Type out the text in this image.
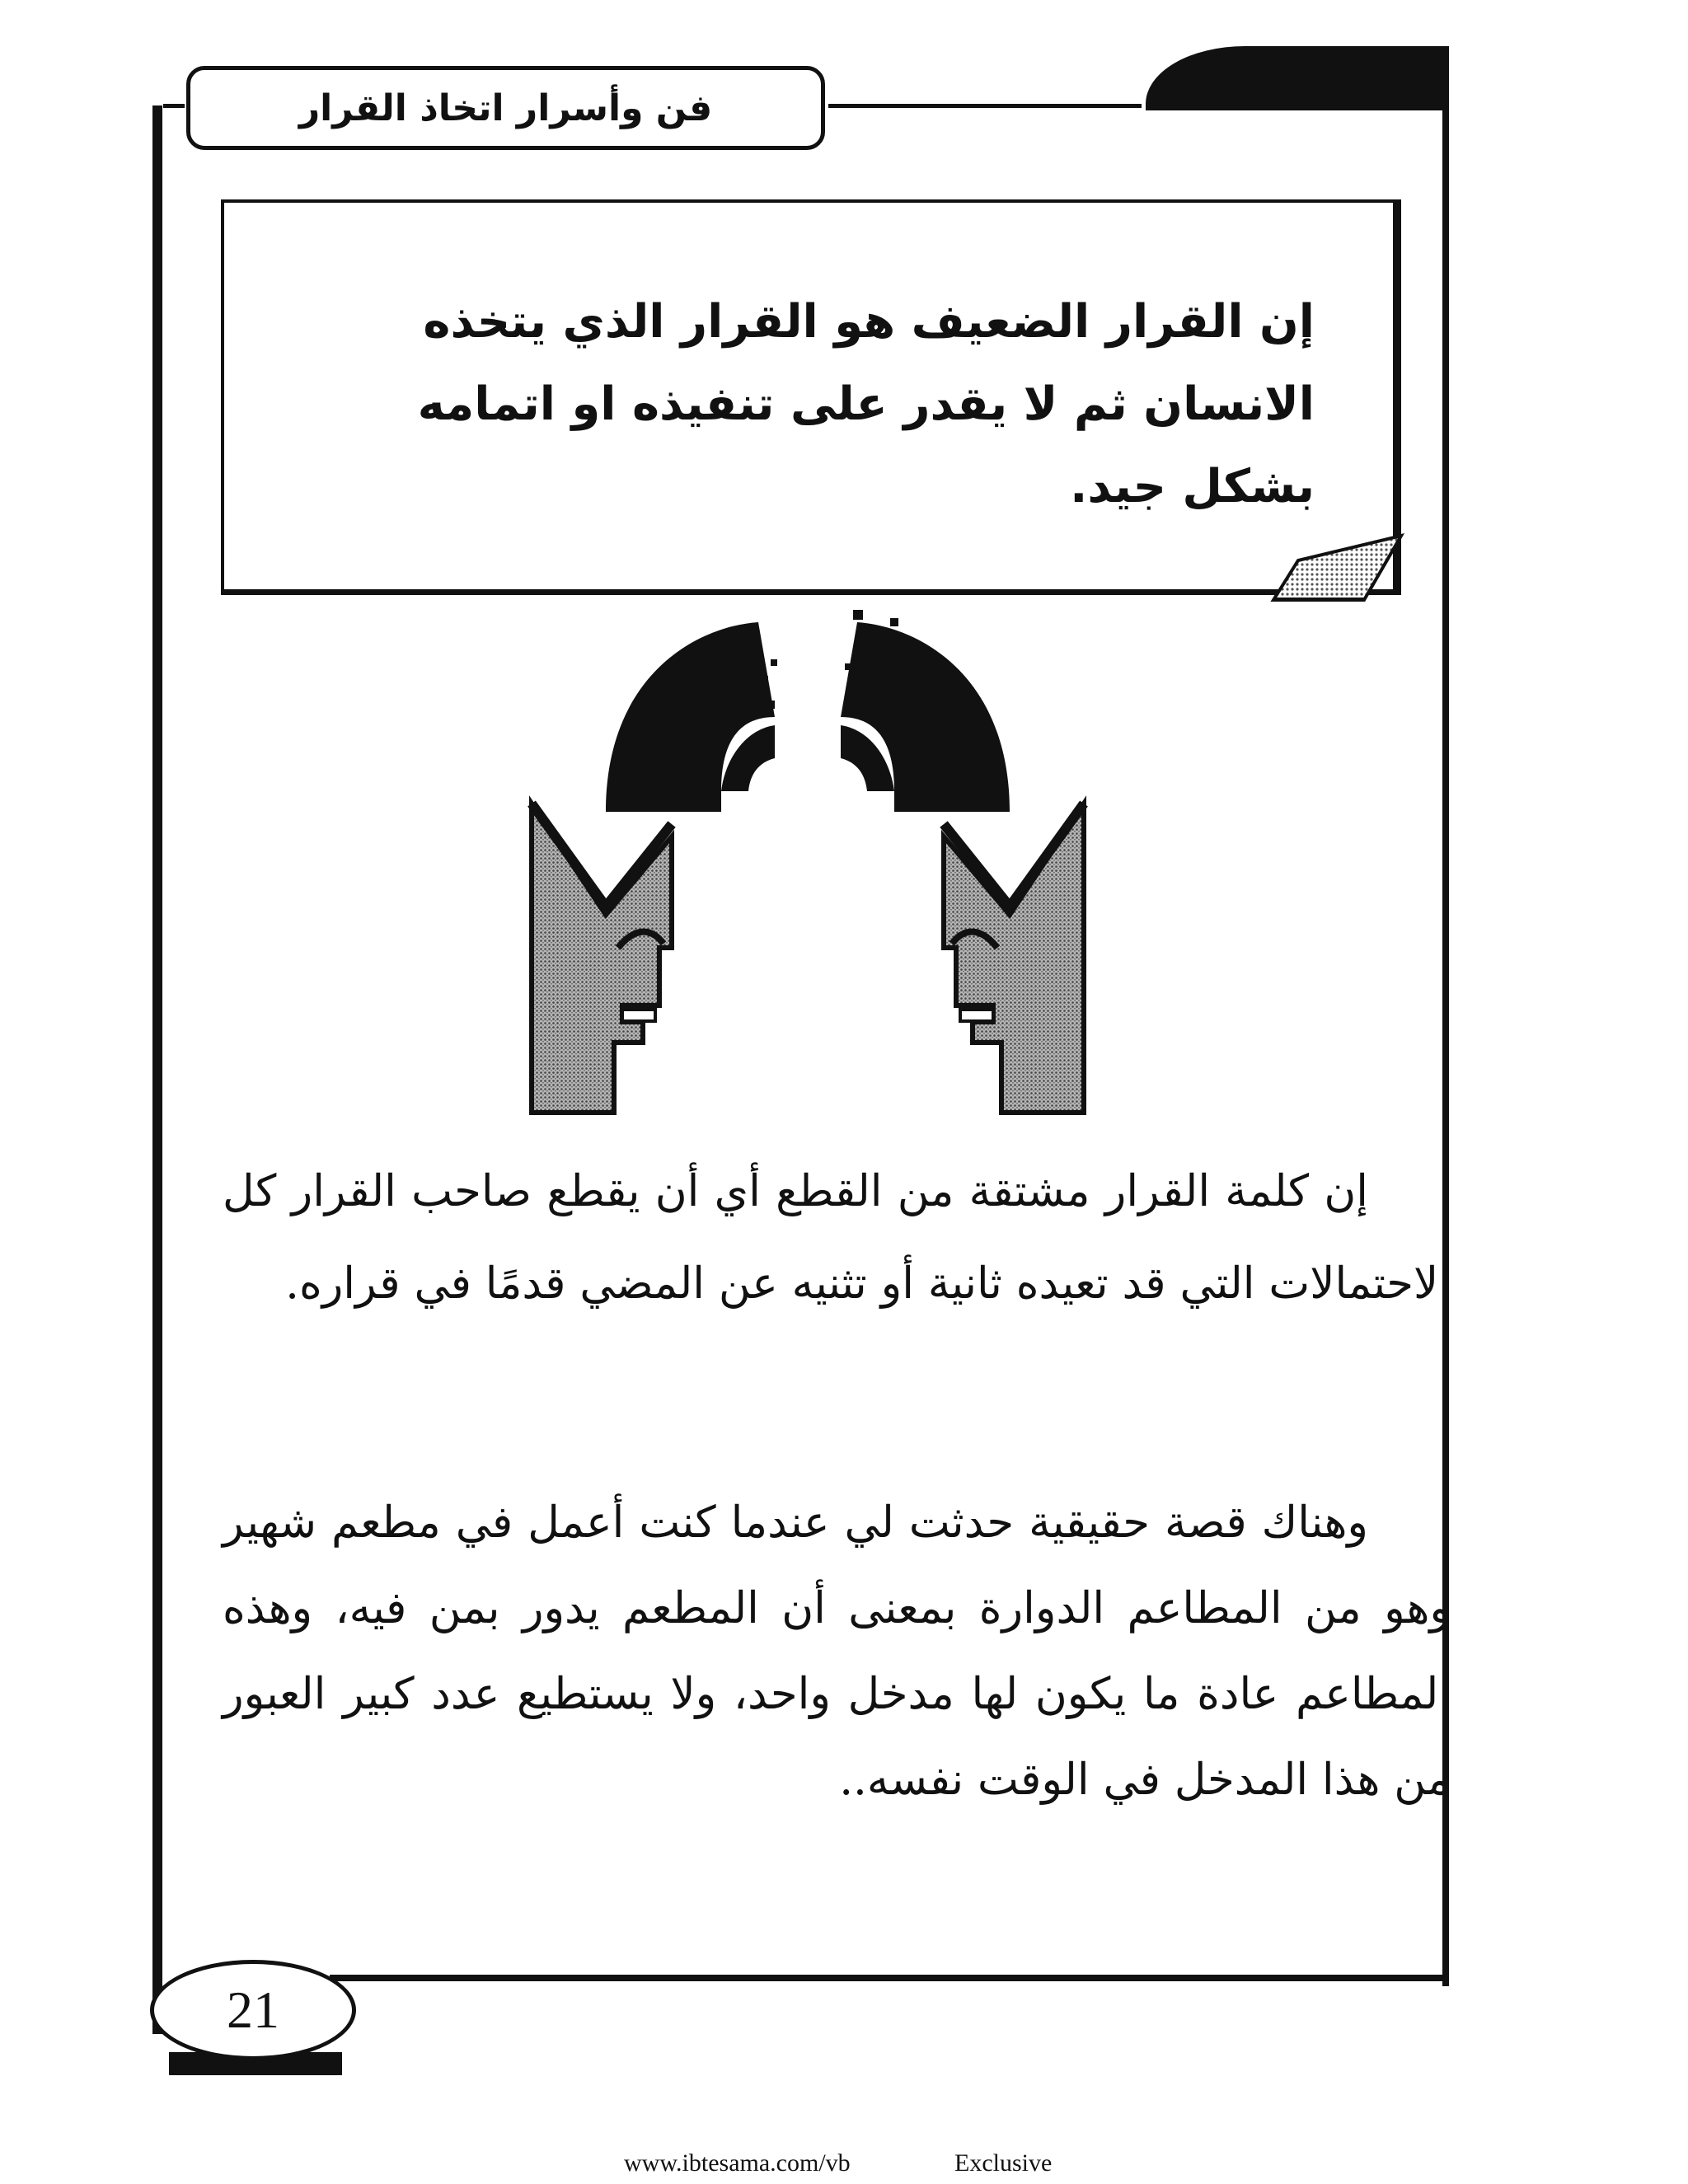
فن وأسرار اتخاذ القرار
إن القرار الضعيف هو القرار الذي يتخذه الانسان ثم لا يقدر على تنفيذه او اتمامه بشكل جيد.
إن كلمة القرار مشتقة من القطع أي أن يقطع صاحب القرار كل الاحتمالات التي قد تعيده ثانية أو تثنيه عن المضي قدمًا في قراره.
وهناك قصة حقيقية حدثت لي عندما كنت أعمل في مطعم شهير وهو من المطاعم الدوارة بمعنى أن المطعم يدور بمن فيه، وهذه المطاعم عادة ما يكون لها مدخل واحد، ولا يستطيع عدد كبير العبور من هذا المدخل في الوقت نفسه..
21
www.ibtesama.com/vb	Exclusive
